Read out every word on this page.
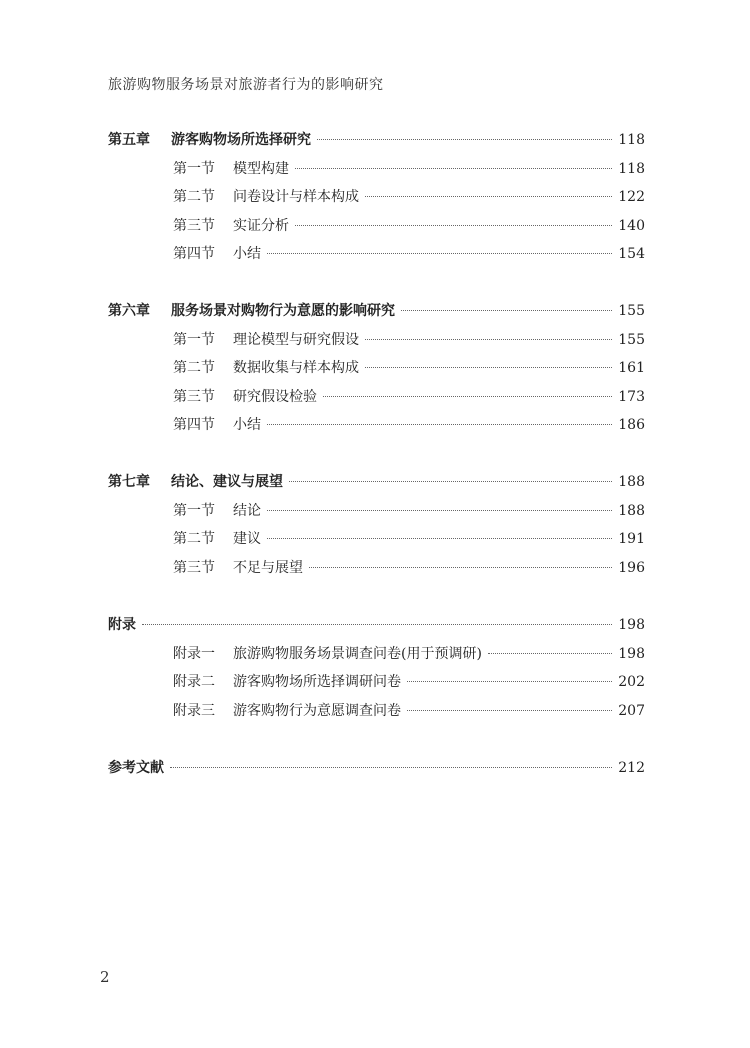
旅游购物服务场景对旅游者行为的影响研究
第五章 游客购物场所选择研究	118
第一节 模型构建	118
第二节 问卷设计与样本构成	122
第三节 实证分析	140
第四节 小结	154
第六章 服务场景对购物行为意愿的影响研究	155
第一节 理论模型与研究假设	155
第二节 数据收集与样本构成	161
第三节 研究假设检验	173
第四节 小结	186
第七章 结论、建议与展望	188
第一节 结论	188
第二节 建议	191
第三节 不足与展望	196
附录	198
附录一 旅游购物服务场景调查问卷(用于预调研)	198
附录二 游客购物场所选择调研问卷	202
附录三 游客购物行为意愿调查问卷	207
参考文献	212
2
